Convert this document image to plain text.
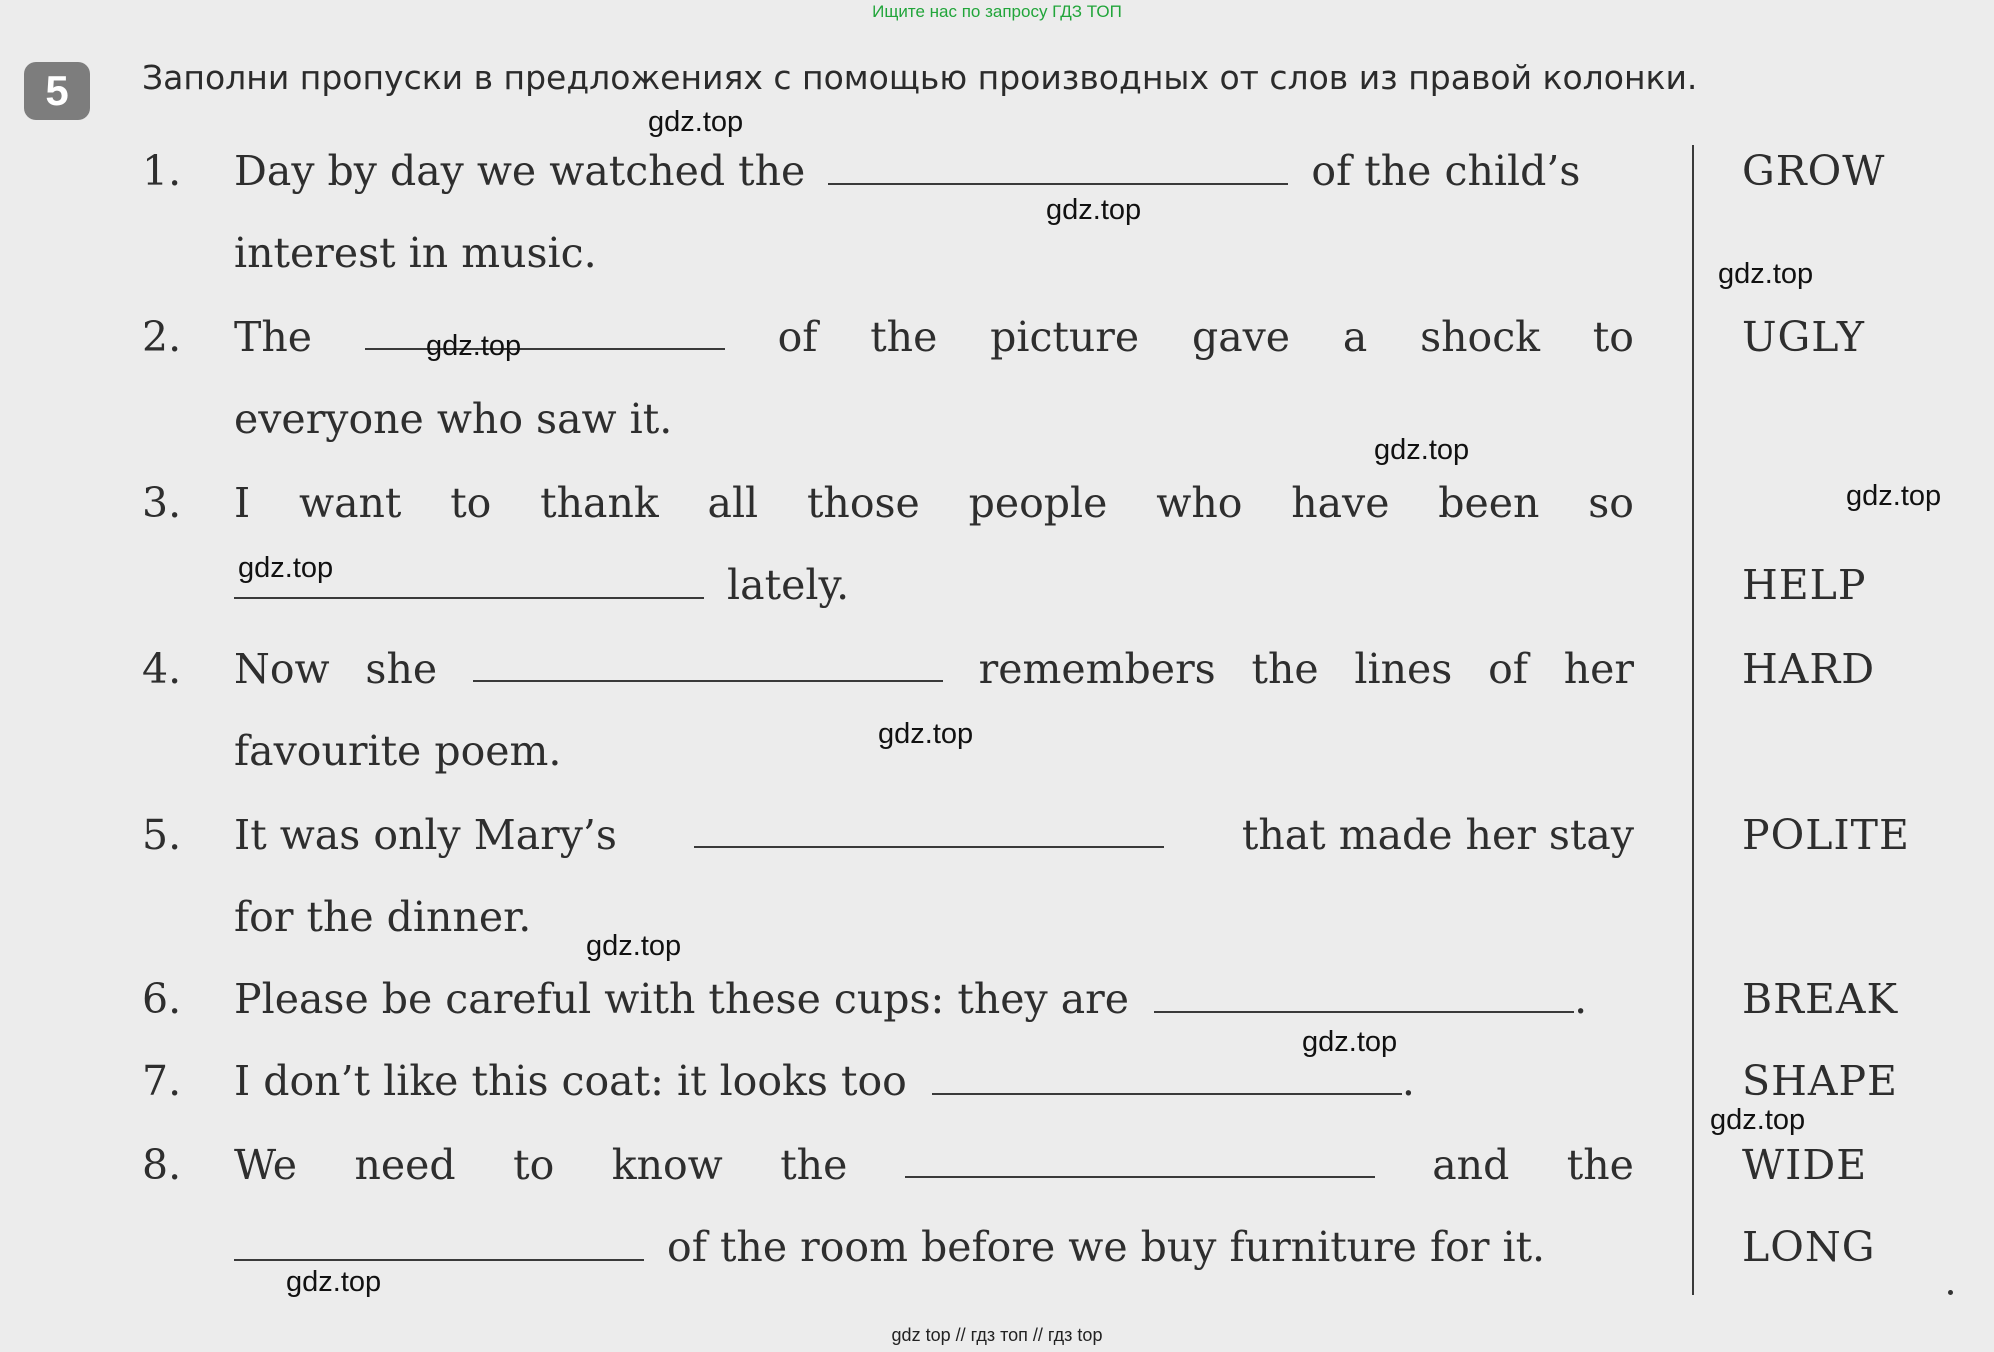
Ищите нас по запросу ГДЗ ТОП
5	Заполни пропуски в предложениях с помощью производных от слов из правой колонки.
1. Day by day we watched the	of the child’s
interest in music.
GROW
2. The	of the picture gave a shock to
everyone who saw it.
UGLY
3. I want to thank all those people who have been so
lately.	HELP
4. Now she	remembers the lines of her
favourite poem.
HARD
5. It was only Mary’s	that made her stay
for the dinner.
POLITE
6. Please be careful with these cups: they are	.	BREAK
7. I don’t like this coat: it looks too	.	SHAPE
8. We need to know the	and the
of the room before we buy furniture for it.
WIDE
LONG
gdz.top
gdz.top
gdz.top
gdz.top
gdz.top
gdz.top
gdz.top
gdz.top
gdz.top
gdz.top
gdz.top
gdz.top
gdz top // гдз топ // гдз top
